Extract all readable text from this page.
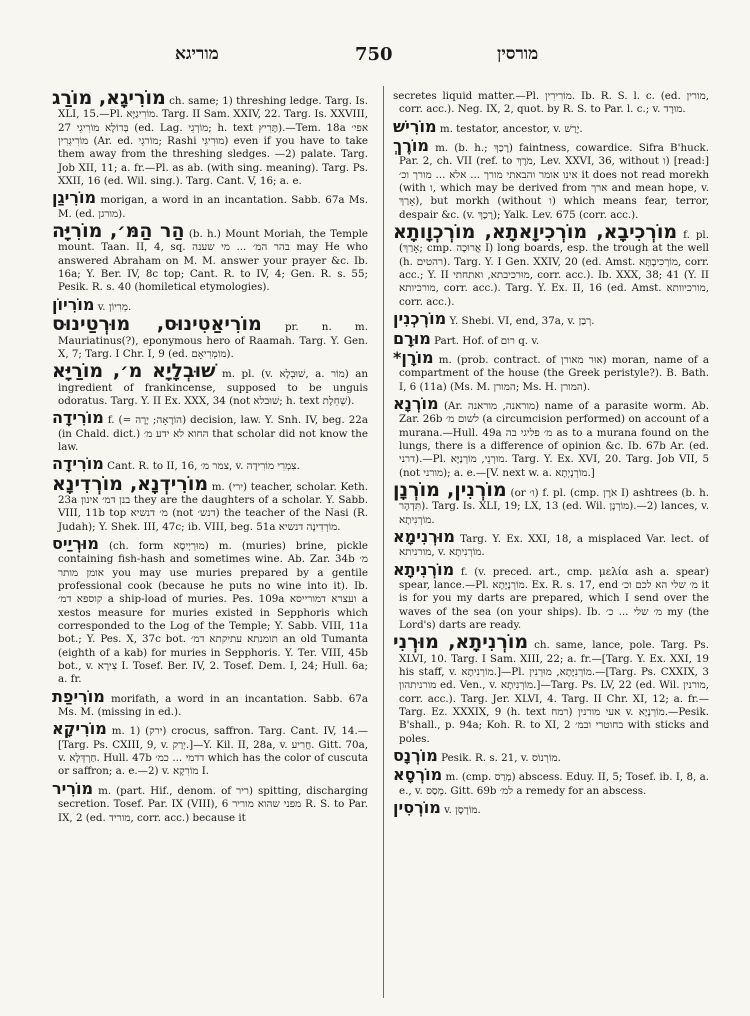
מוריגא	750	מורסין

מוֹרִיגָא, מוֹרַג ch. same; 1) threshing ledge. Targ. Is. XLI, 15.—Pl. מוֹרִיגַיָּא. Targ. II Sam. XXIV, 22. Targ. Is. XXVIII, 27 בְּרוֹלָא מוֹרִיגֵי (ed. Lag. מוֹרְגֵי; h. text תָּרִיץ).—Tem. 18a אפי׳ מוֹרִיגְרִין (Ar. ed. מוֹרגֵי; Rashi מוּרִיגֵּי) even if you have to take them away from the threshing sledges. —2) palate. Targ. Job XII, 11; a. fr.—Pl. as ab. (with sing. meaning). Targ. Ps. XXII, 16 (ed. Wil. sing.). Targ. Cant. V, 16; a. e.

מוֹרִיגַן morigan, a word in an incantation. Sabb. 67a Ms. M. (ed. מורגן).

הַר הַמּ׳, מוֹרִיָּה (b. h.) Mount Moriah, the Temple mount. Taan. II, 4, sq. בהר המ׳ ... מי שענה may He who answered Abraham on M. M. answer your prayer &c. Ib. 16a; Y. Ber. IV, 8c top; Cant. R. to IV, 4; Gen. R. s. 55; Pesik. R. s. 40 (homiletical etymologies).

מוֹרִיוֹן v. מְרִיוֹן.

מוֹרִיאַטִינוּס, מוּרְטַינוּס pr. n. m. Mauriatinus(?), eponymous hero of Raamah. Targ. Y. Gen. X, 7; Targ. I Chr. I, 9 (ed. מוֹמְרִיאָם).

שׁוּבְלָיָא מ׳, מוֹרַיָּא m. pl. (v. שׁוּבְלָא, a. מוֹר) an ingredient of frankincense, supposed to be unguis odoratus. Targ. Y. II Ex. XXX, 34 (not שׁוּבלא; h. text שְׁחֵלֶת).

מוֹרִידָה f. (= הוֹרָאָה; יָרָה) decision, law. Y. Snh. IV, beg. 22a (in Chald. dict.) החוא לא ידע מ׳ that scholar did not know the law.

מוֹרִידָה Cant. R. to II, 16, צמר מ׳, v. צִמְרִי מוֹרִידָה.

מוֹרִידְנָא, מוֹרְדִינָא m. (ירי) teacher, scholar. Keth. 23a בנן דמ׳ אינון they are the daughters of a scholar. Y. Sabb. VIII, 11b top מ׳ דנשיא (not דנש׳) the teacher of the Nasi (R. Judah); Y. Shek. III, 47c; ib. VIII, beg. 51a מוֹרְדִינָה דנשיא.

מוּרְיַיס (ch. form מוּרְיְיסָא) m. (muries) brine, pickle containing fish-hash and sometimes wine. Ab. Zar. 34b מ׳ אומן מותר you may use muries prepared by a gentile professional cook (because he puts no wine into it). Ib. קוספא דמ׳ a ship-load of muries. Pes. 109a ועצרא דמורייסא a xestos measure for muries existed in Sepphoris which corresponded to the Log of the Temple; Y. Sabb. VIII, 11a bot.; Y. Pes. X, 37c bot. תומנתא עתיקתא דמ׳ an old Tumanta (eighth of a kab) for muries in Sepphoris. Y. Ter. VIII, 45b bot., v. צִירָא I. Tosef. Ber. IV, 2. Tosef. Dem. I, 24; Hull. 6a; a. fr.

מוֹרִיפַת morifath, a word in an incantation. Sabb. 67a Ms. M. (missing in ed.).

מוֹרִיקָא m. 1) (ירק) crocus, saffron. Targ. Cant. IV, 14.—[Targ. Ps. CXIII, 9, v. יְרַק.]—Y. Kil. II, 28a, v. חֲרִיע. Gitt. 70a, v. חַרְדְּלָא. Hull. 47b דדמי ... כמ׳ which has the color of cuscuta or saffron; a. e.—2) v. מוֹרִקָא I.

מוֹרִיר m. (part. Hif., denom. of ריר) spitting, discharging secretion. Tosef. Par. IX (VIII), 6 מפני שהוא מוריר R. S. to Par. IX, 2 (ed. מוריד, corr. acc.) because it

secretes liquid matter.—Pl. מוֹרִירִין. Ib. R. S. l. c. (ed. מורין, corr. acc.). Neg. IX, 2, quot. by R. S. to Par. l. c.; v. מוּרָד.

מוֹרִישׁ m. testator, ancestor, v. יָרַשׁ.

מוֹרֶךְ m. (b. h.; רָכַךְ) faintness, cowardice. Sifra B'huck. Par. 2, ch. VII (ref. to מֹרֶךְ, Lev. XXVI, 36, without ו) [read:] אינו אומר והבאתי מורך ... אלא ... מורך וכ׳ it does not read morekh (with ו, which may be derived from ארך and mean hope, v. אָרַךְ), but morkh (without ו) which means fear, terror, despair &c. (v. רָכַךְ); Yalk. Lev. 675 (corr. acc.).

מוֹרְכִיבָא, מוֹרְכִיוָאתָא, מוֹרְכְוָותָא f. pl. (אָרַךְ; cmp. אֲרוּכָה I) long boards, esp. the trough at the well (h. רהטים). Targ. Y. I Gen. XXIV, 20 (ed. Amst. מוֹרְכִיבָתָּא, corr. acc.; Y. II מוּרכיבתא, ואתחתי, corr. acc.). Ib. XXX, 38; 41 (Y. II מורכיותא, corr. acc.). Targ. Y. Ex. II, 16 (ed. Amst. מורכיוותא, corr. acc.).

מוֹרְכְנִין Y. Shebi. VI, end, 37a, v. רְבַן.

מוּרָם Part. Hof. of רום q. v.

מוֹרָן* m. (prob. contract. of אוּר מאורן) moran, name of a compartment of the house (the Greek peristyle?). B. Bath. I, 6 (11a) (Ms. M. המורן; Ms. H. המורן).

מוֹרְנָא (Ar. מוראנה, מוראנה) name of a parasite worm. Ab. Zar. 26b לשום מ׳ (a circumcision performed) on account of a murana.—Hull. 49a מ׳ פליגי בה as to a murana found on the lungs, there is a difference of opinion &c. Ib. 67b Ar. (ed. דרני).—Pl. מוּרְנֵי, מוֹרְנַיָּא. Targ. Y. Ex. XVI, 20. Targ. Job VII, 5 (not מורני); a. e.—[V. next w. a. מוֹרְנָיְתָא.]

מוֹרְנִין, מוֹרְנָן (or ו׳) f. pl. (cmp. אֹרֶן I) ashtrees (b. h. תִּדְהָר). Targ. Is. XLI, 19; LX, 13 (ed. Wil. מוֹרְנָן).—2) lances, v. מוֹרְנִיתָא.

מוּרְנִימָא Targ. Y. Ex. XXI, 18, a misplaced Var. lect. of מורניתא, v. מוֹרְנִיתָא.

מוֹרְנִיתָא f. (v. preced. art., cmp. μελία ash a. spear) spear, lance.—Pl. מוֹרְנָיָּתָא. Ex. R. s. 17, end מ׳ שלי הא לכם וכ׳ it is for you my darts are prepared, which I send over the waves of the sea (on your ships). Ib. מ׳ שלי ... כ׳ my (the Lord's) darts are ready.

מוֹרְנִיתָא, מוּרְנִי ch. same, lance, pole. Targ. Ps. XLVI, 10. Targ. I Sam. XIII, 22; a. fr.—[Targ. Y. Ex. XXI, 19 his staff, v. מוֹרְנִיתָא.]—Pl. מוֹרְנִיָּתָא, מוּרְנִין.—[Targ. Ps. CXXIX, 3 מורניתהון ed. Ven., v. מוֹרְנִיתָא.]—Targ. Ps. LV, 22 (ed. Wil. מורנין, corr. acc.). Targ. Jer. XLVI, 4. Targ. II Chr. XI, 12; a. fr.—Targ. Ez. XXXIX, 9 (h. text רמח) אעי מורנין v. מוֹרְנָיָא.—Pesik. B'shall., p. 94a; Koh. R. to XI, 2 בחוטרי ובמ׳ with sticks and poles.

מוֹרְנָס Pesik. R. s. 21, v. מוֹרְנוֹס.

מוֹרְסָא m. (cmp. מְרַס) abscess. Eduy. II, 5; Tosef. ib. I, 8, a. e., v. מְסַס. Gitt. 69b למ׳ a remedy for an abscess.

מוֹרְסִין v. מוֹרְסָן.
